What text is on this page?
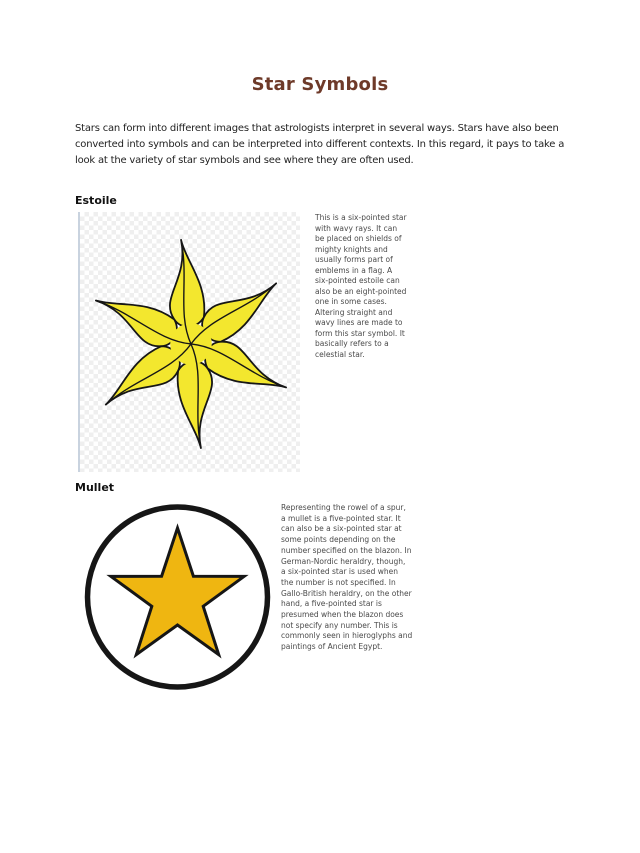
Star Symbols
Stars can form into different images that astrologists interpret in several ways. Stars have also been
converted into symbols and can be interpreted into different contexts. In this regard, it pays to take a
look at the variety of star symbols and see where they are often used.
Estoile
This is a six-pointed star
with wavy rays. It can
be placed on shields of
mighty knights and
usually forms part of
emblems in a flag. A
six-pointed estoile can
also be an eight-pointed
one in some cases.
Altering straight and
wavy lines are made to
form this star symbol. It
basically refers to a
celestial star.
Mullet
Representing the rowel of a spur,
a mullet is a five-pointed star. It
can also be a six-pointed star at
some points depending on the
number specified on the blazon. In
German-Nordic heraldry, though,
a six-pointed star is used when
the number is not specified. In
Gallo-British heraldry, on the other
hand, a five-pointed star is
presumed when the blazon does
not specify any number. This is
commonly seen in hieroglyphs and
paintings of Ancient Egypt.
